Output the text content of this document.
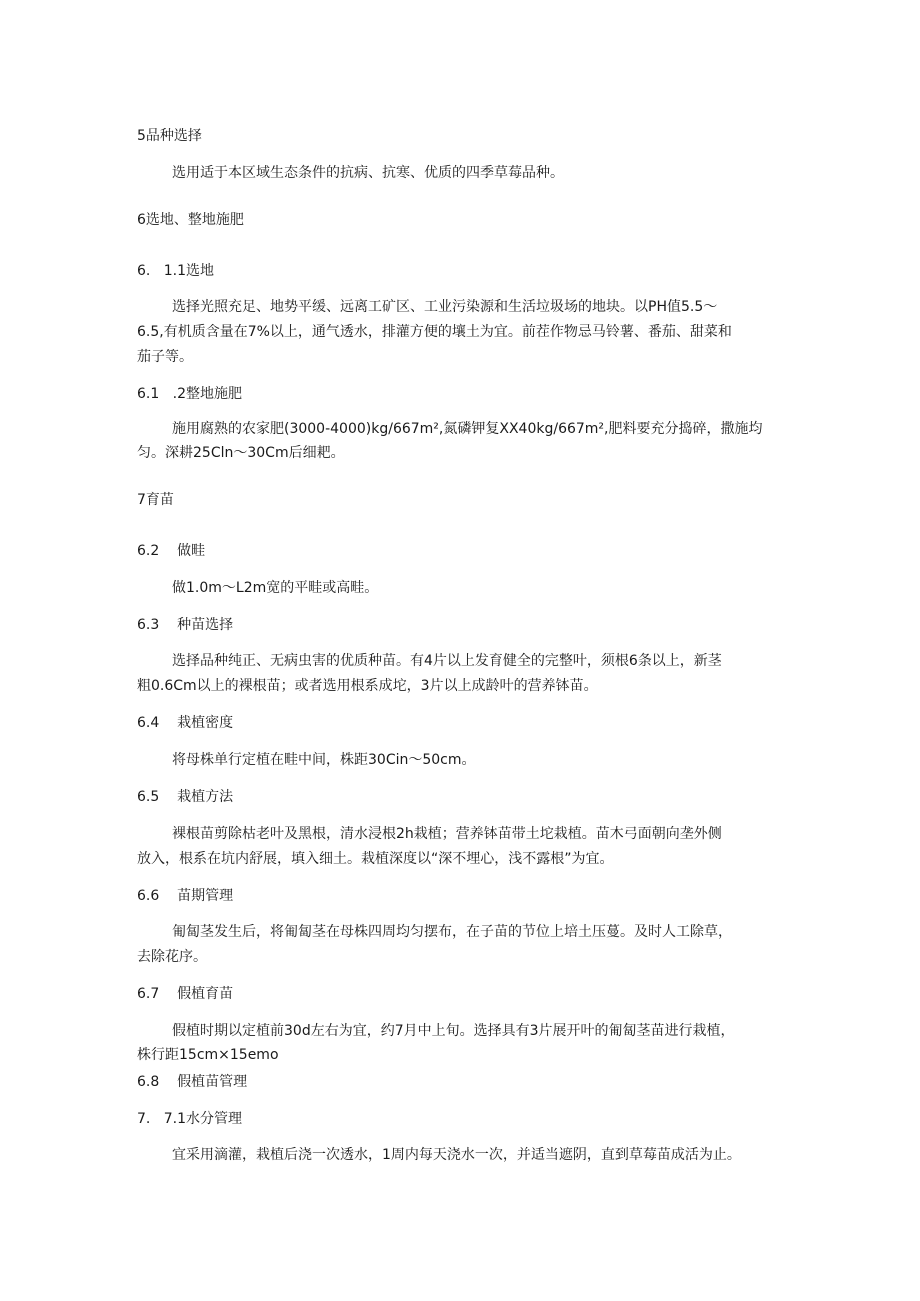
5品种选择
选用适于本区域生态条件的抗病、抗寒、优质的四季草莓品种。
6选地、整地施肥
6.   1.1选地
选择光照充足、地势平缓、远离工矿区、工业污染源和生活垃圾场的地块。以PH值5.5～
6.5,有机质含量在7%以上，通气透水，排灌方便的壤土为宜。前茬作物忌马铃薯、番茄、甜菜和
茄子等。
6.1   .2整地施肥
施用腐熟的农家肥(3000-4000)kg/667m²,氮磷钾复XX40kg/667m²,肥料要充分捣碎，撒施均
匀。深耕25Cln～30Cm后细耙。
7育苗
6.2    做畦
做1.0m～L2m宽的平畦或高畦。
6.3    种苗选择
选择品种纯正、无病虫害的优质种苗。有4片以上发育健全的完整叶，须根6条以上，新茎
粗0.6Cm以上的裸根苗；或者选用根系成坨，3片以上成龄叶的营养钵苗。
6.4    栽植密度
将母株单行定植在畦中间，株距30Cin～50cm。
6.5    栽植方法
裸根苗剪除枯老叶及黑根，清水浸根2h栽植；营养钵苗带土坨栽植。苗木弓面朝向垄外侧
放入，根系在坑内舒展，填入细土。栽植深度以“深不埋心，浅不露根”为宜。
6.6    苗期管理
匍匐茎发生后，将匍匐茎在母株四周均匀摆布，在子苗的节位上培土压蔓。及时人工除草，
去除花序。
6.7    假植育苗
假植时期以定植前30d左右为宜，约7月中上旬。选择具有3片展开叶的匍匐茎苗进行栽植，
株行距15cm×15emo
6.8    假植苗管理
7.   7.1水分管理
宜采用滴灌，栽植后浇一次透水，1周内每天浇水一次，并适当遮阴，直到草莓苗成活为止。
